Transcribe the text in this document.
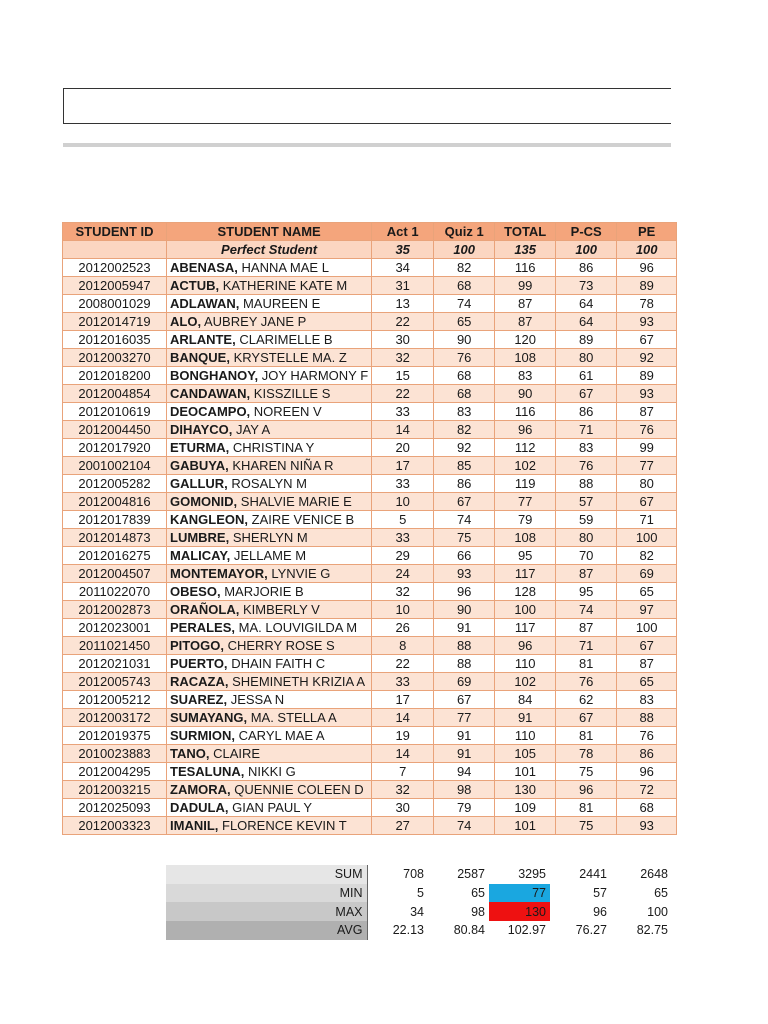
STUDENT ID	STUDENT NAME	Act 1	Quiz 1	TOTAL	P-CS	PE
	Perfect Student	35	100	135	100	100
2012002523	ABENASA, HANNA MAE L	34	82	116	86	96
2012005947	ACTUB, KATHERINE KATE M	31	68	99	73	89
2008001029	ADLAWAN, MAUREEN E	13	74	87	64	78
2012014719	ALO, AUBREY JANE P	22	65	87	64	93
2012016035	ARLANTE, CLARIMELLE B	30	90	120	89	67
2012003270	BANQUE, KRYSTELLE MA. Z	32	76	108	80	92
2012018200	BONGHANOY, JOY HARMONY F	15	68	83	61	89
2012004854	CANDAWAN, KISSZILLE S	22	68	90	67	93
2012010619	DEOCAMPO, NOREEN V	33	83	116	86	87
2012004450	DIHAYCO, JAY A	14	82	96	71	76
2012017920	ETURMA, CHRISTINA Y	20	92	112	83	99
2001002104	GABUYA, KHAREN NIÑA R	17	85	102	76	77
2012005282	GALLUR, ROSALYN M	33	86	119	88	80
2012004816	GOMONID, SHALVIE MARIE E	10	67	77	57	67
2012017839	KANGLEON, ZAIRE VENICE B	5	74	79	59	71
2012014873	LUMBRE, SHERLYN M	33	75	108	80	100
2012016275	MALICAY, JELLAME M	29	66	95	70	82
2012004507	MONTEMAYOR, LYNVIE G	24	93	117	87	69
2011022070	OBESO, MARJORIE B	32	96	128	95	65
2012002873	ORAÑOLA, KIMBERLY V	10	90	100	74	97
2012023001	PERALES, MA. LOUVIGILDA M	26	91	117	87	100
2011021450	PITOGO, CHERRY ROSE S	8	88	96	71	67
2012021031	PUERTO, DHAIN FAITH C	22	88	110	81	87
2012005743	RACAZA, SHEMINETH KRIZIA A	33	69	102	76	65
2012005212	SUAREZ, JESSA N	17	67	84	62	83
2012003172	SUMAYANG, MA. STELLA A	14	77	91	67	88
2012019375	SURMION, CARYL MAE A	19	91	110	81	76
2010023883	TANO, CLAIRE	14	91	105	78	86
2012004295	TESALUNA, NIKKI G	7	94	101	75	96
2012003215	ZAMORA, QUENNIE COLEEN D	32	98	130	96	72
2012025093	DADULA, GIAN PAUL Y	30	79	109	81	68
2012003323	IMANIL, FLORENCE KEVIN T	27	74	101	75	93
SUM	708	2587	3295	2441	2648
MIN	5	65	77	57	65
MAX	34	98	130	96	100
AVG	22.13	80.84	102.97	76.27	82.75
